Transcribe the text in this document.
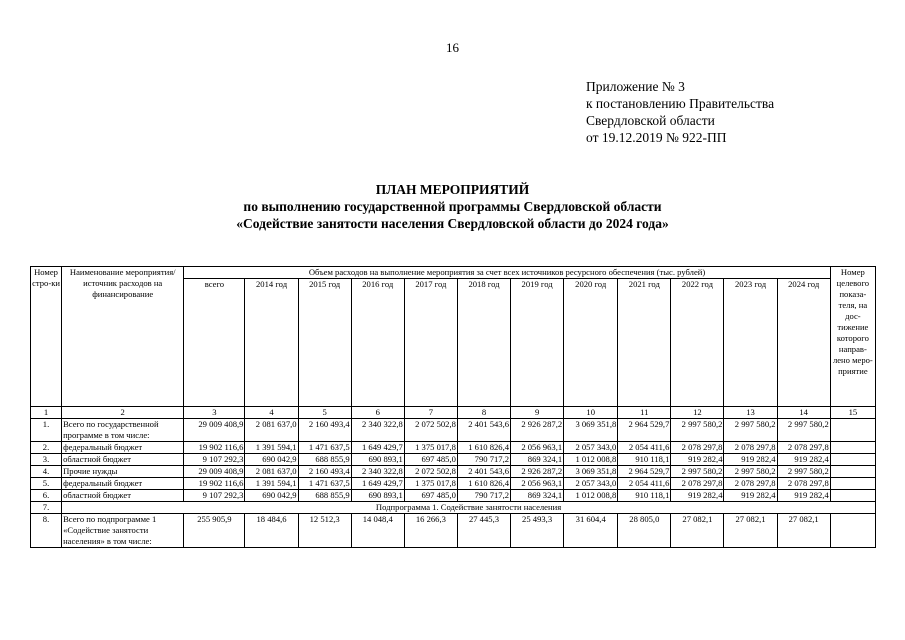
16
Приложение № 3
к постановлению Правительства
Свердловской области
от 19.12.2019 № 922-ПП
ПЛАН МЕРОПРИЯТИЙ
по выполнению государственной программы Свердловской области
«Содействие занятости населения Свердловской области до 2024 года»
Номер стро-ки	Наименование мероприятия/ источник расходов на финансирование	Объем расходов на выполнение мероприятия за счет всех источников ресурсного обеспечения (тыс. рублей)												Номер целевого показа-теля, на дос-тижение которого направ-лено меро-приятие
		всего	2014 год	2015 год	2016 год	2017 год	2018 год	2019 год	2020 год	2021 год	2022 год	2023 год	2024 год	
1	2	3	4	5	6	7	8	9	10	11	12	13	14	15
1.	Всего по государственной программе в том числе:	29 009 408,9	2 081 637,0	2 160 493,4	2 340 322,8	2 072 502,8	2 401 543,6	2 926 287,2	3 069 351,8	2 964 529,7	2 997 580,2	2 997 580,2	2 997 580,2	
2.	федеральный бюджет	19 902 116,6	1 391 594,1	1 471 637,5	1 649 429,7	1 375 017,8	1 610 826,4	2 056 963,1	2 057 343,0	2 054 411,6	2 078 297,8	2 078 297,8	2 078 297,8	
3.	областной бюджет	9 107 292,3	690 042,9	688 855,9	690 893,1	697 485,0	790 717,2	869 324,1	1 012 008,8	910 118,1	919 282,4	919 282,4	919 282,4	
4.	Прочие нужды	29 009 408,9	2 081 637,0	2 160 493,4	2 340 322,8	2 072 502,8	2 401 543,6	2 926 287,2	3 069 351,8	2 964 529,7	2 997 580,2	2 997 580,2	2 997 580,2	
5.	федеральный бюджет	19 902 116,6	1 391 594,1	1 471 637,5	1 649 429,7	1 375 017,8	1 610 826,4	2 056 963,1	2 057 343,0	2 054 411,6	2 078 297,8	2 078 297,8	2 078 297,8	
6.	областной бюджет	9 107 292,3	690 042,9	688 855,9	690 893,1	697 485,0	790 717,2	869 324,1	1 012 008,8	910 118,1	919 282,4	919 282,4	919 282,4	
7.	Подпрограмма 1. Содействие занятости населения													
8.	Всего по подпрограмме 1 «Содействие занятости населения» в том числе:	255 905,9	18 484,6	12 512,3	14 048,4	16 266,3	27 445,3	25 493,3	31 604,4	28 805,0	27 082,1	27 082,1	27 082,1	
